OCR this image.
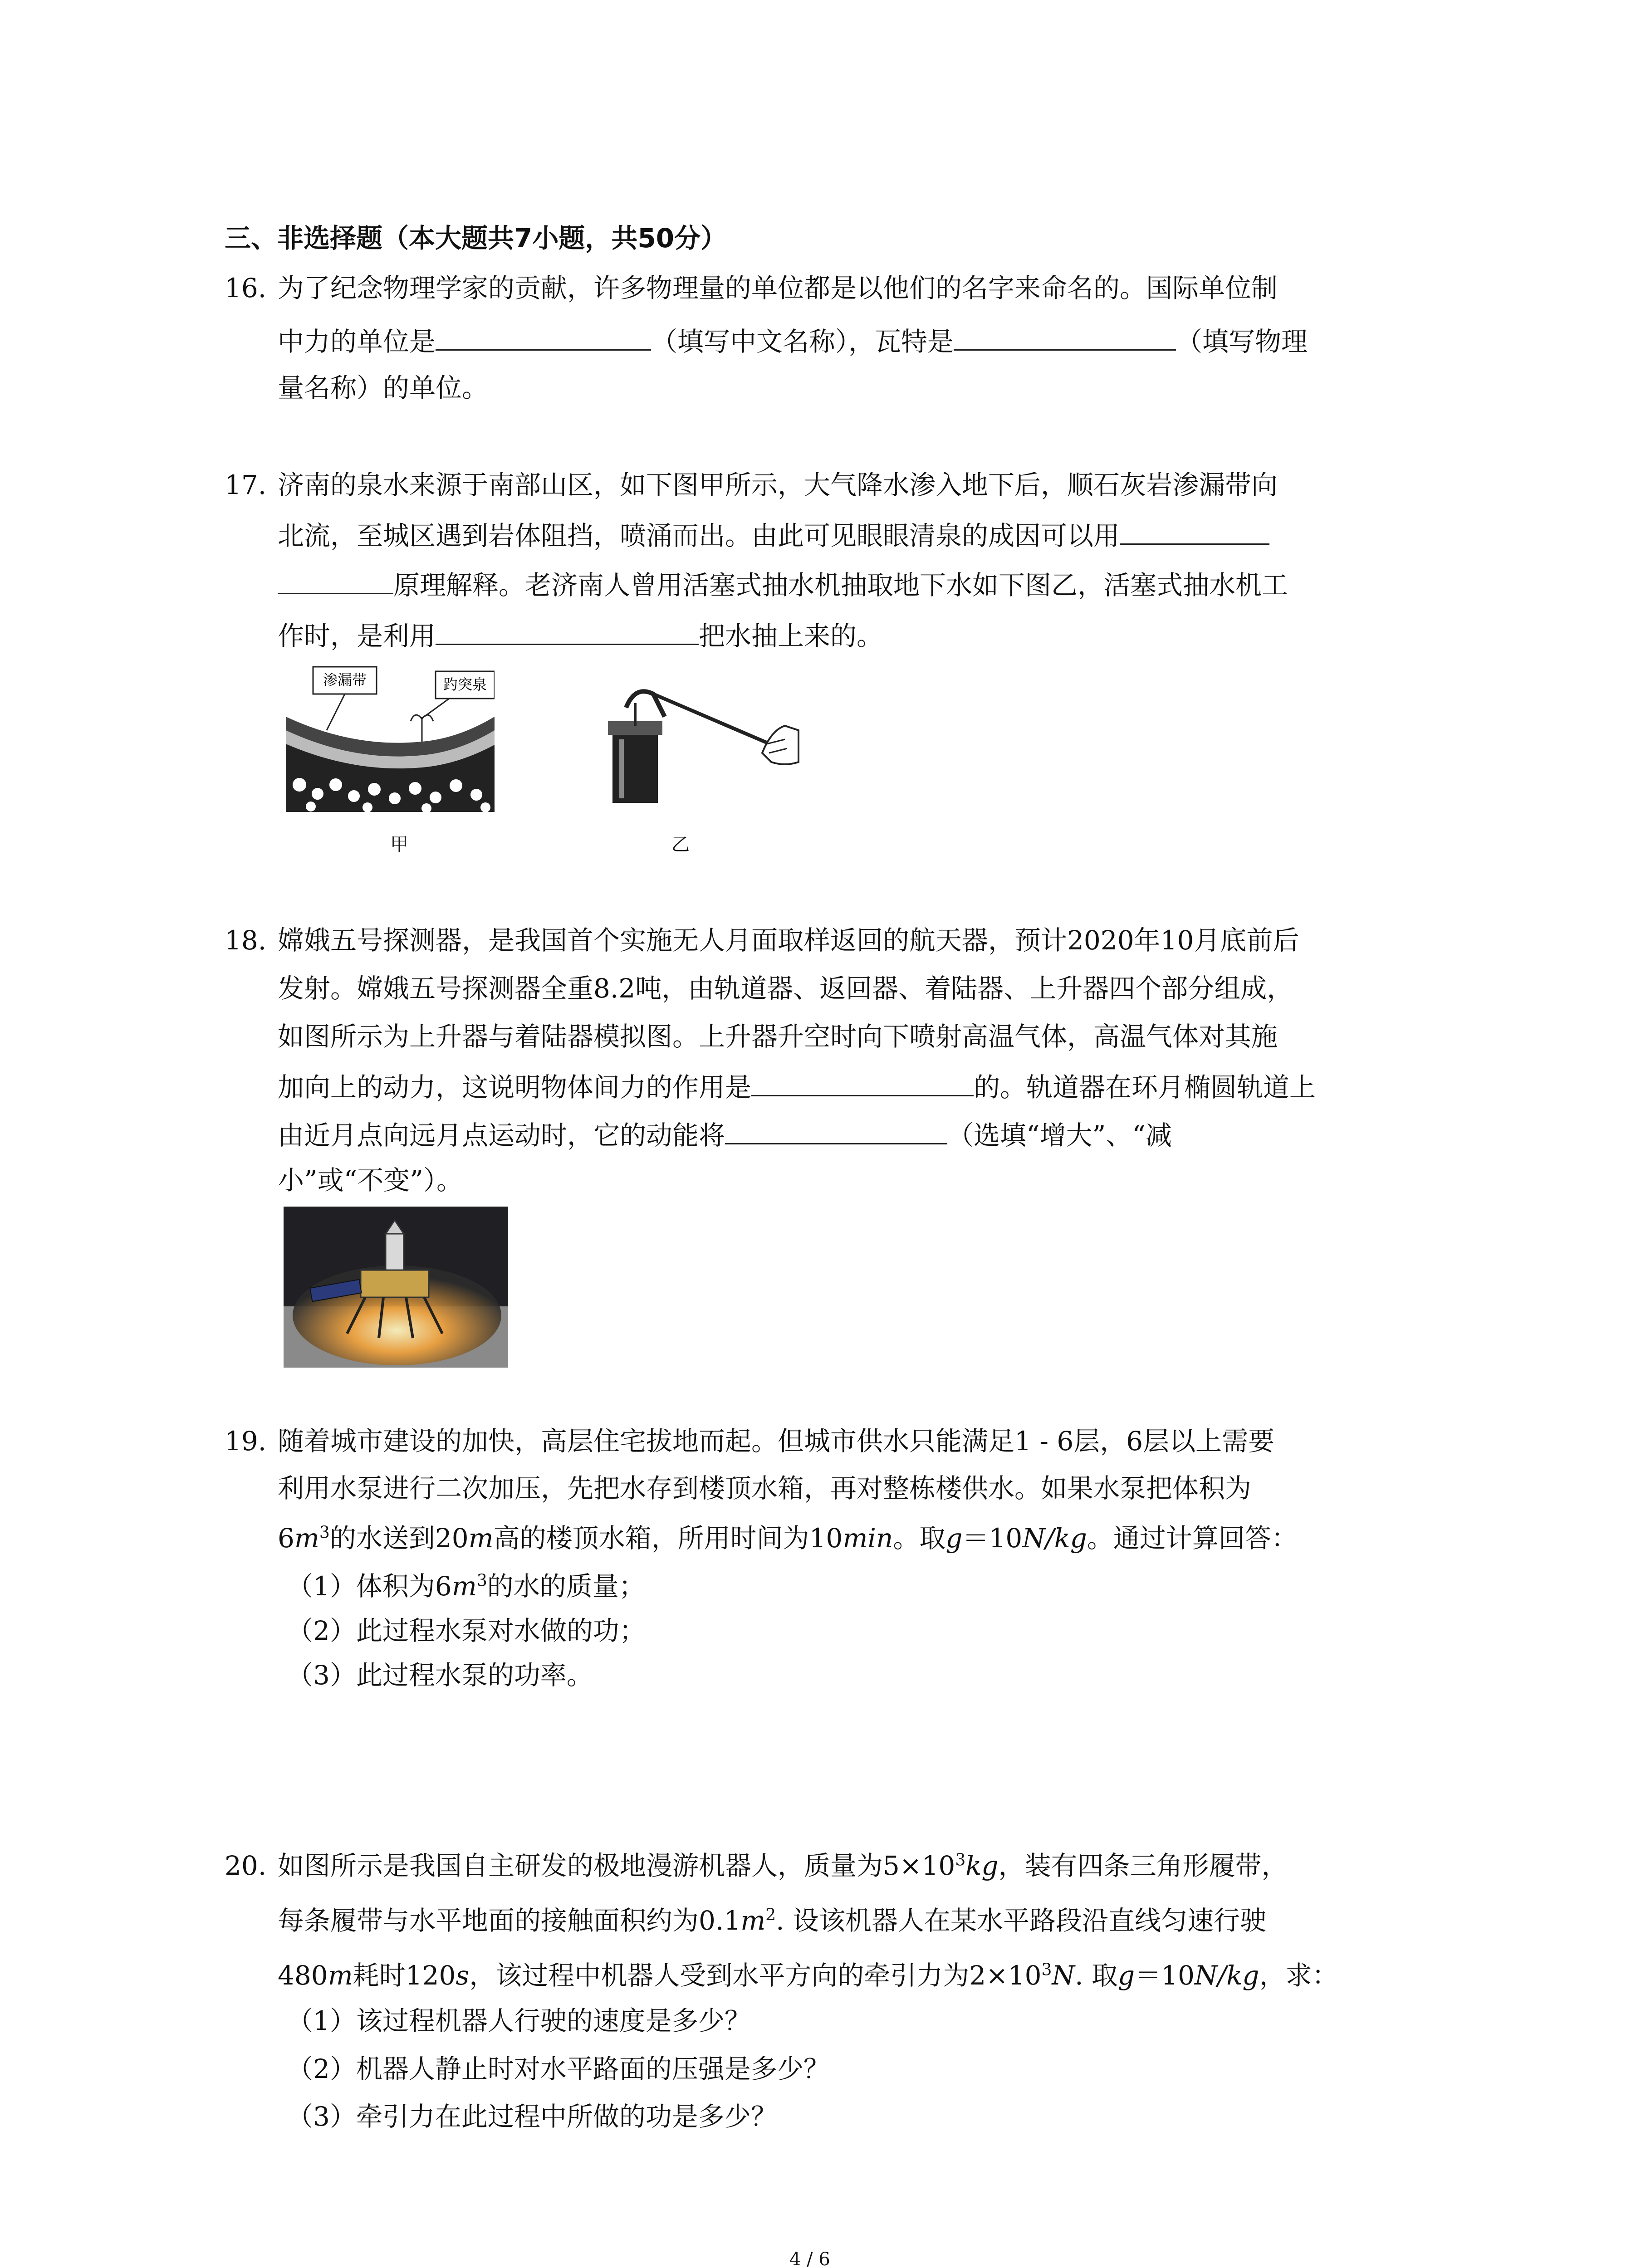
三、非选择题（本大题共7小题，共50分）
16. 为了纪念物理学家的贡献，许多物理量的单位都是以他们的名字来命名的。国际单位制
中力的单位是	（填写中文名称），瓦特是	（填写物理
量名称）的单位。
17. 济南的泉水来源于南部山区，如下图甲所示，大气降水渗入地下后，顺石灰岩渗漏带向
北流，至城区遇到岩体阻挡，喷涌而出。由此可见眼眼清泉的成因可以用
原理解释。老济南人曾用活塞式抽水机抽取地下水如下图乙，活塞式抽水机工
作时，是利用	把水抽上来的。
渗漏带	趵突泉
甲	乙
18. 嫦娥五号探测器，是我国首个实施无人月面取样返回的航天器，预计2020年10月底前后
发射。嫦娥五号探测器全重8.2吨，由轨道器、返回器、着陆器、上升器四个部分组成，
如图所示为上升器与着陆器模拟图。上升器升空时向下喷射高温气体，高温气体对其施
加向上的动力，这说明物体间力的作用是	的。轨道器在环月椭圆轨道上
由近月点向远月点运动时，它的动能将	（选填“增大”、“减
小”或“不变”）。
19. 随着城市建设的加快，高层住宅拔地而起。但城市供水只能满足1 - 6层，6层以上需要
利用水泵进行二次加压，先把水存到楼顶水箱，再对整栋楼供水。如果水泵把体积为
$6m^3$的水送到20m高的楼顶水箱，所用时间为10min。取g＝10N/kg。通过计算回答：
（1）体积为$6m^3$的水的质量；
（2）此过程水泵对水做的功；
（3）此过程水泵的功率。
20. 如图所示是我国自主研发的极地漫游机器人，质量为$5\times 10^3kg$，装有四条三角形履带，
每条履带与水平地面的接触面积约为$0.1m^2$. 设该机器人在某水平路段沿直线匀速行驶
480m耗时120s，该过程中机器人受到水平方向的牵引力为$2\times 10^3N$. 取g＝10N/kg，求：
（1）该过程机器人行驶的速度是多少？
（2）机器人静止时对水平路面的压强是多少？
（3）牵引力在此过程中所做的功是多少？
4 / 6
